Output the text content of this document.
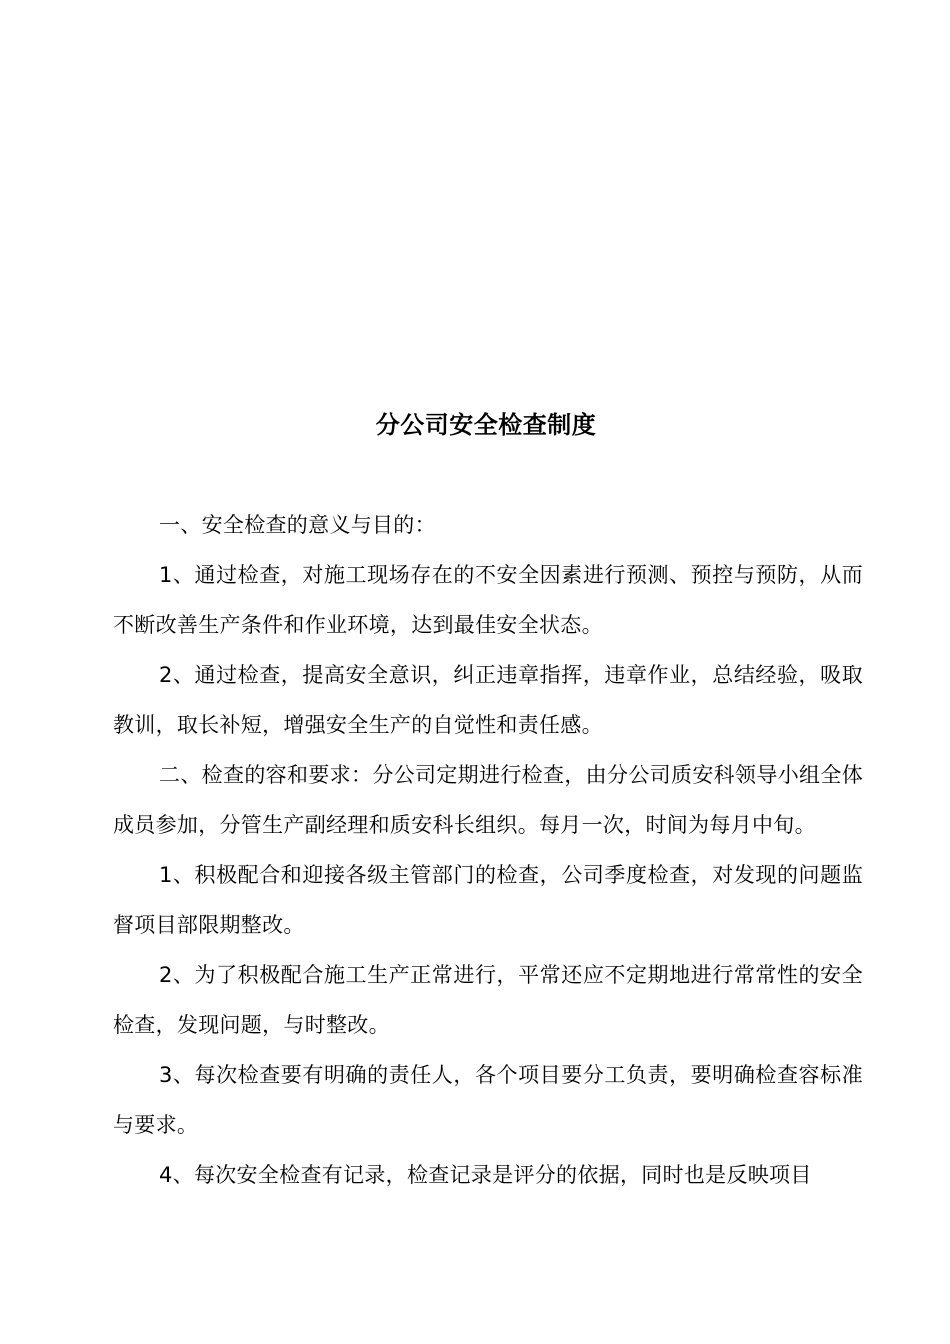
分公司安全检查制度

一、安全检查的意义与目的：

1、通过检查，对施工现场存在的不安全因素进行预测、预控与预防，从而不断改善生产条件和作业环境，达到最佳安全状态。

2、通过检查，提高安全意识，纠正违章指挥，违章作业，总结经验，吸取教训，取长补短，增强安全生产的自觉性和责任感。

二、检查的容和要求：分公司定期进行检查，由分公司质安科领导小组全体成员参加，分管生产副经理和质安科长组织。每月一次，时间为每月中旬。

1、积极配合和迎接各级主管部门的检查，公司季度检查，对发现的问题监督项目部限期整改。

2、为了积极配合施工生产正常进行，平常还应不定期地进行常常性的安全检查，发现问题，与时整改。

3、每次检查要有明确的责任人，各个项目要分工负责，要明确检查容标准与要求。

4、每次安全检查有记录，检查记录是评分的依据，同时也是反映项目
